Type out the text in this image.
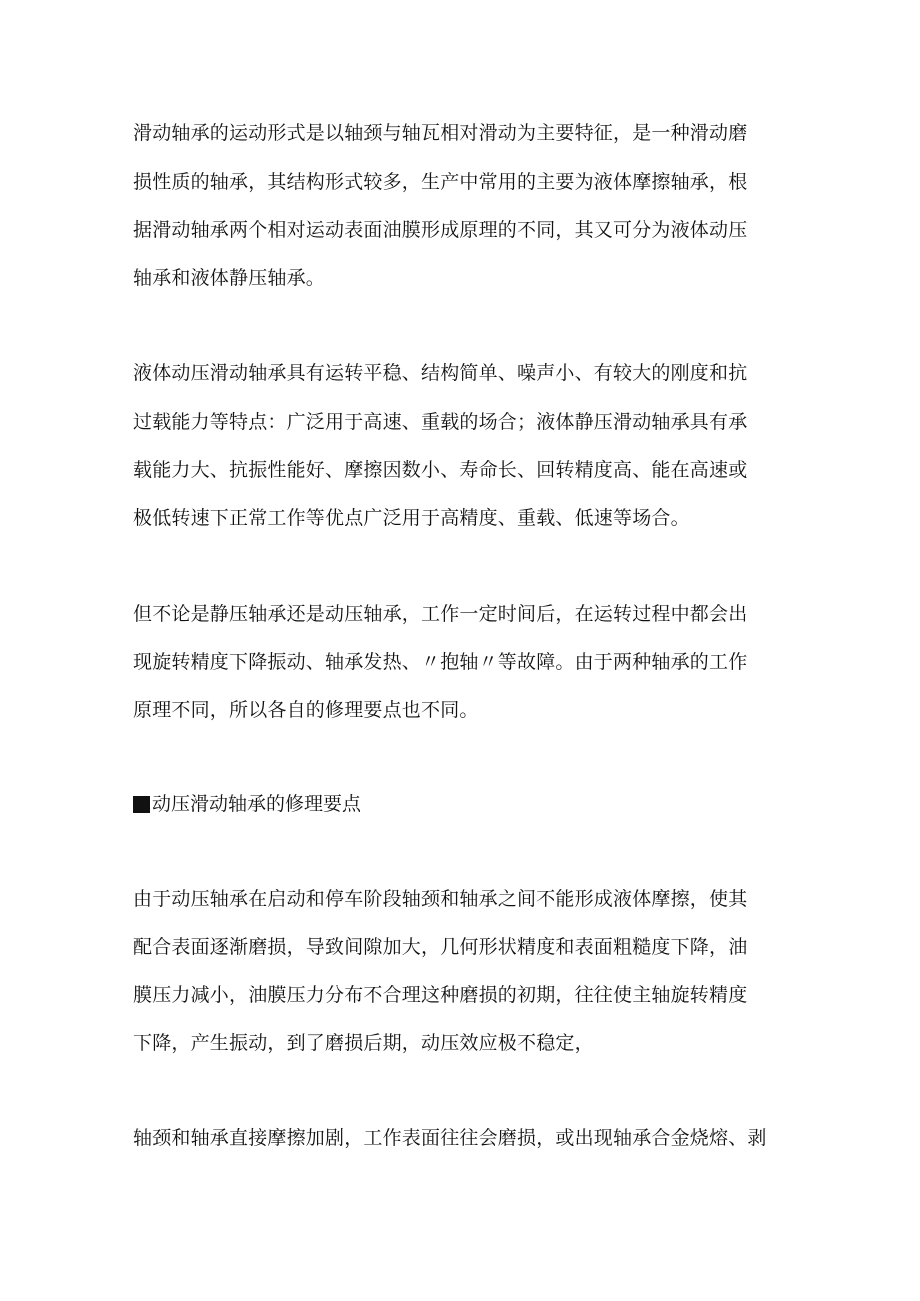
滑动轴承的运动形式是以轴颈与轴瓦相对滑动为主要特征，是一种滑动磨
损性质的轴承，其结构形式较多，生产中常用的主要为液体摩擦轴承，根
据滑动轴承两个相对运动表面油膜形成原理的不同，其又可分为液体动压
轴承和液体静压轴承。
液体动压滑动轴承具有运转平稳、结构简单、噪声小、有较大的刚度和抗
过载能力等特点：广泛用于高速、重载的场合；液体静压滑动轴承具有承
载能力大、抗振性能好、摩擦因数小、寿命长、回转精度高、能在高速或
极低转速下正常工作等优点广泛用于高精度、重载、低速等场合。
但不论是静压轴承还是动压轴承，工作一定时间后，在运转过程中都会出
现旋转精度下降振动、轴承发热、〃抱轴〃等故障。由于两种轴承的工作
原理不同，所以各自的修理要点也不同。
动压滑动轴承的修理要点
由于动压轴承在启动和停车阶段轴颈和轴承之间不能形成液体摩擦，使其
配合表面逐渐磨损，导致间隙加大，几何形状精度和表面粗糙度下降，油
膜压力减小，油膜压力分布不合理这种磨损的初期，往往使主轴旋转精度
下降，产生振动，到了磨损后期，动压效应极不稳定，
轴颈和轴承直接摩擦加剧，工作表面往往会磨损，或出现轴承合金烧熔、剥
